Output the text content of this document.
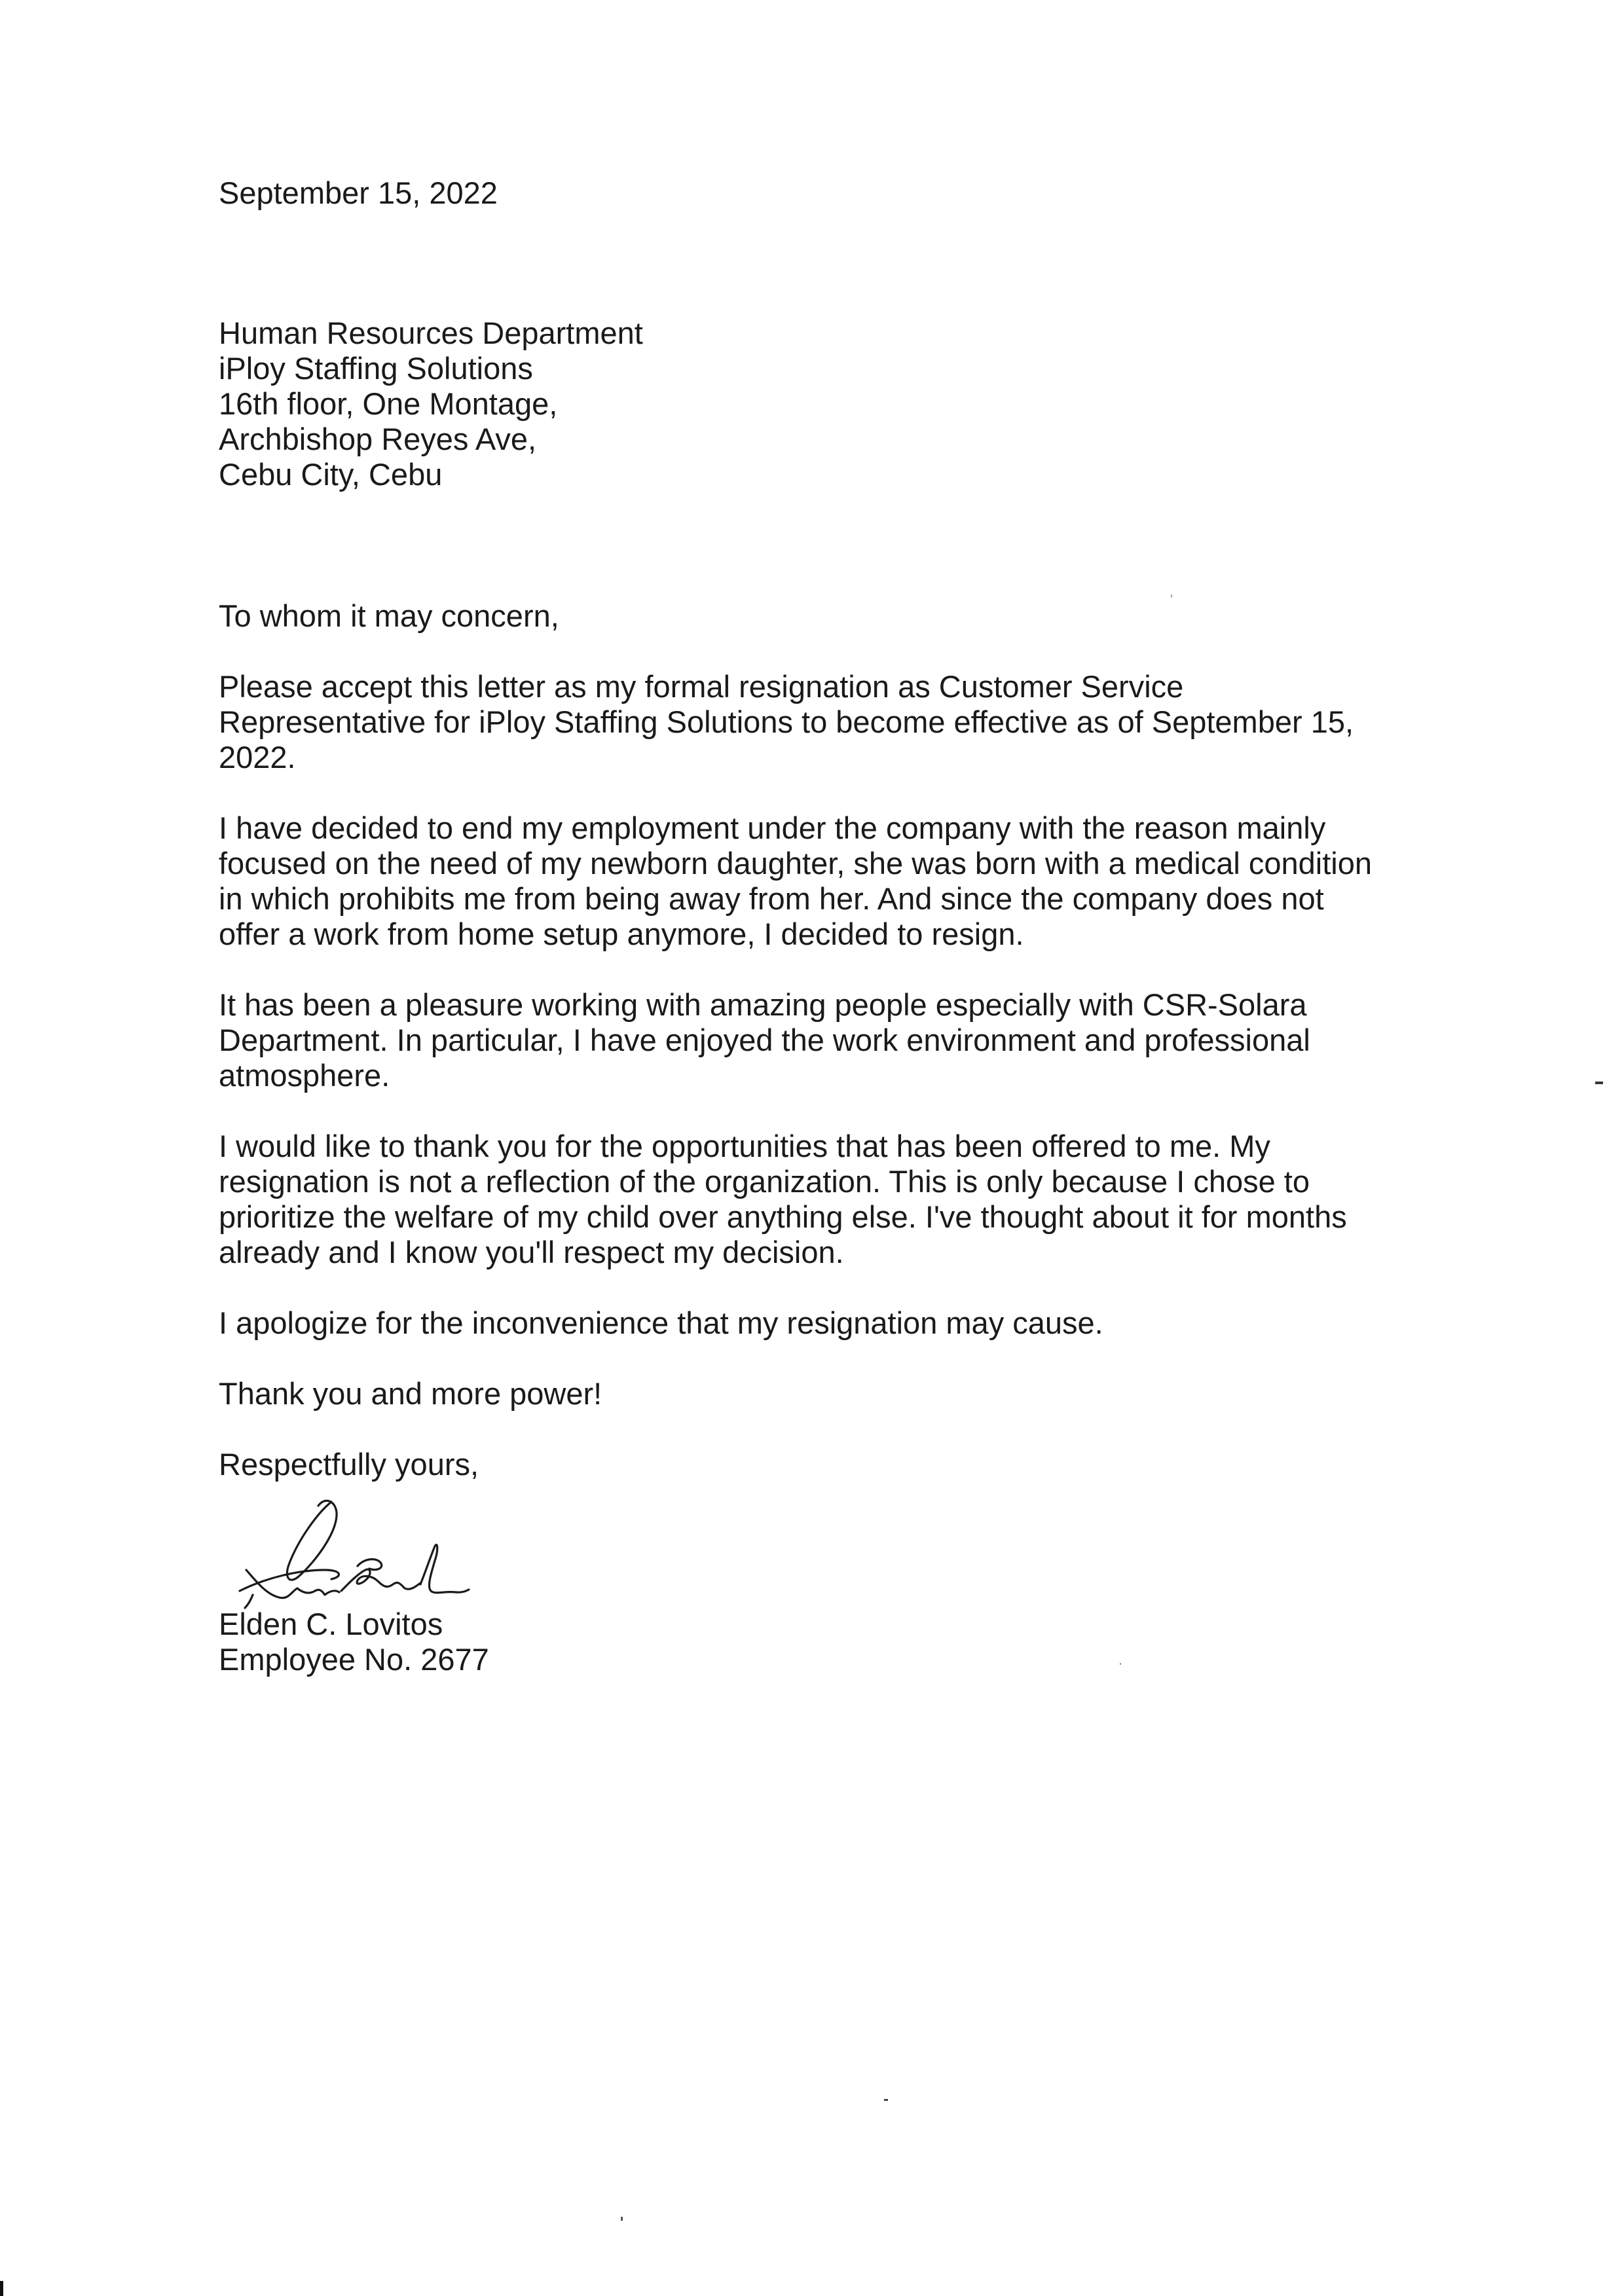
September 15, 2022
Human Resources Department
iPloy Staffing Solutions
16th floor, One Montage,
Archbishop Reyes Ave,
Cebu City, Cebu
To whom it may concern,
Please accept this letter as my formal resignation as Customer Service
Representative for iPloy Staffing Solutions to become effective as of September 15,
2022.
I have decided to end my employment under the company with the reason mainly
focused on the need of my newborn daughter, she was born with a medical condition
in which prohibits me from being away from her. And since the company does not
offer a work from home setup anymore, I decided to resign.
It has been a pleasure working with amazing people especially with CSR-Solara
Department. In particular, I have enjoyed the work environment and professional
atmosphere.
I would like to thank you for the opportunities that has been offered to me. My
resignation is not a reflection of the organization. This is only because I chose to
prioritize the welfare of my child over anything else. I've thought about it for months
already and I know you'll respect my decision.
I apologize for the inconvenience that my resignation may cause.
Thank you and more power!
Respectfully yours,
Elden C. Lovitos
Employee No. 2677
